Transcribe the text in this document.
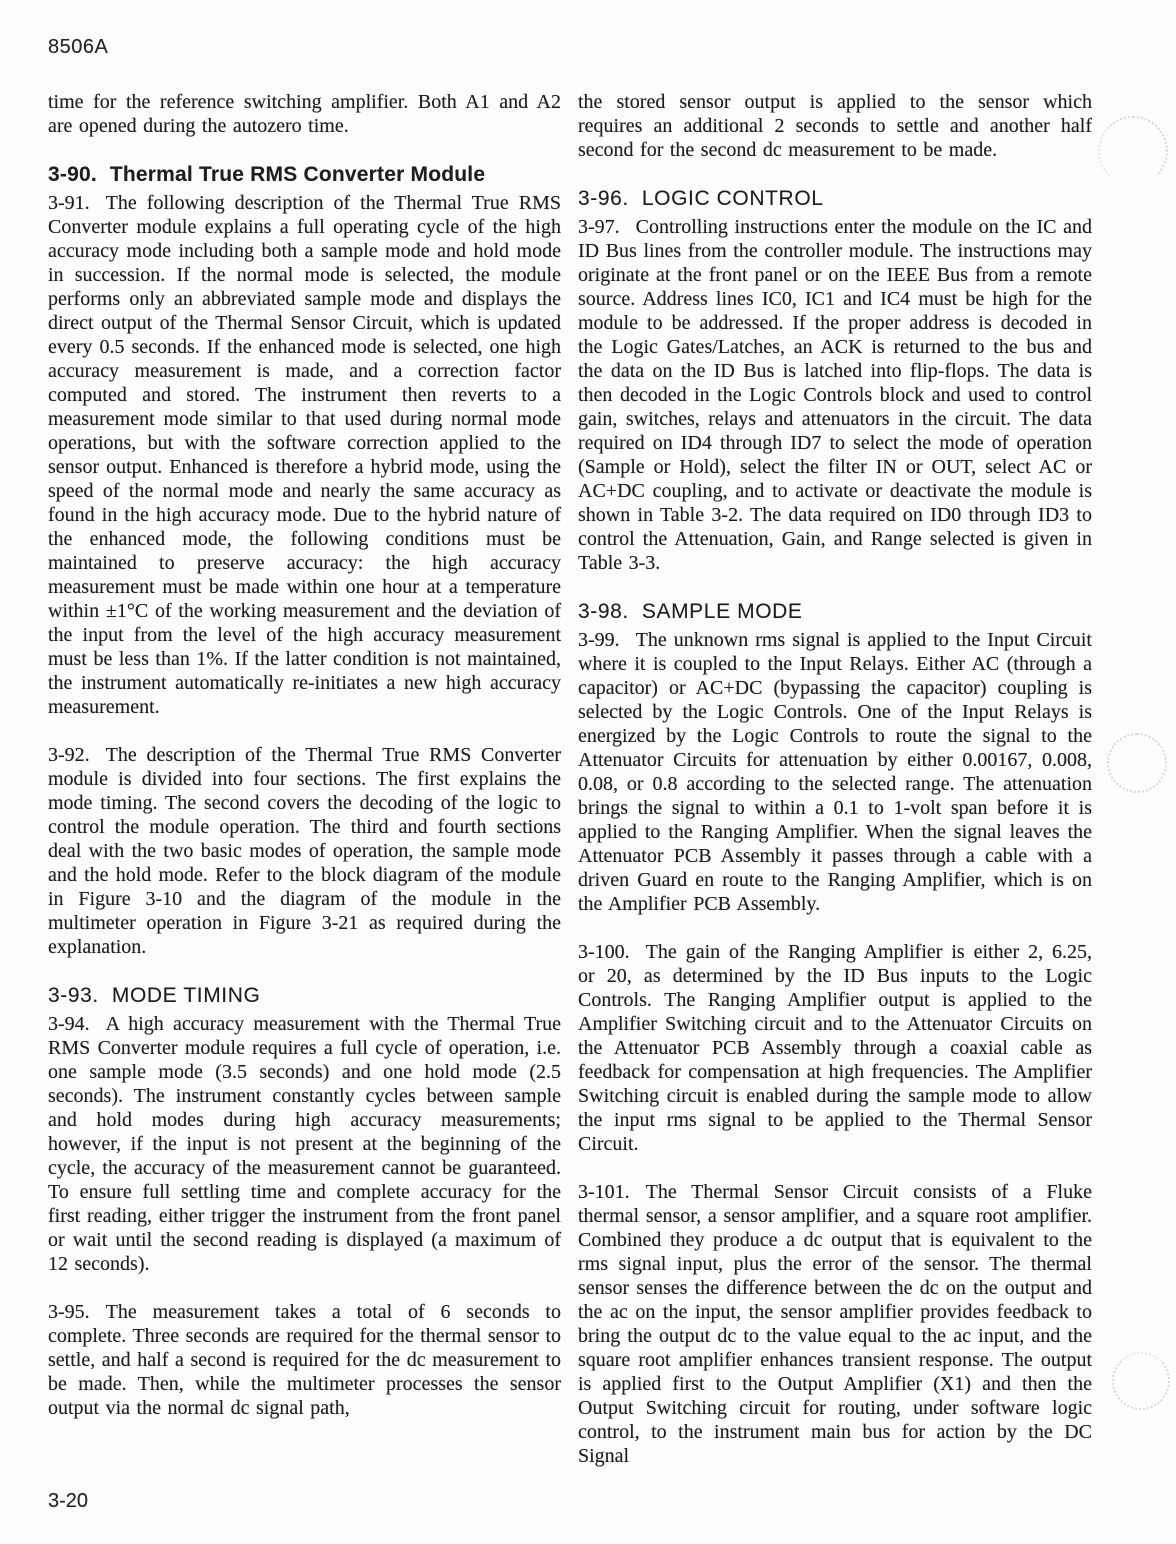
8506A

time for the reference switching amplifier. Both A1 and A2 are opened during the autozero time.

3-90. Thermal True RMS Converter Module

3-91. The following description of the Thermal True RMS Converter module explains a full operating cycle of the high accuracy mode including both a sample mode and hold mode in succession. If the normal mode is selected, the module performs only an abbreviated sample mode and displays the direct output of the Thermal Sensor Circuit, which is updated every 0.5 seconds. If the enhanced mode is selected, one high accuracy measurement is made, and a correction factor computed and stored. The instrument then reverts to a measurement mode similar to that used during normal mode operations, but with the software correction applied to the sensor output. Enhanced is therefore a hybrid mode, using the speed of the normal mode and nearly the same accuracy as found in the high accuracy mode. Due to the hybrid nature of the enhanced mode, the following conditions must be maintained to preserve accuracy: the high accuracy measurement must be made within one hour at a temperature within ±1°C of the working measurement and the deviation of the input from the level of the high accuracy measurement must be less than 1%. If the latter condition is not maintained, the instrument automatically re-initiates a new high accuracy measurement.

3-92. The description of the Thermal True RMS Converter module is divided into four sections. The first explains the mode timing. The second covers the decoding of the logic to control the module operation. The third and fourth sections deal with the two basic modes of operation, the sample mode and the hold mode. Refer to the block diagram of the module in Figure 3-10 and the diagram of the module in the multimeter operation in Figure 3-21 as required during the explanation.

3-93. MODE TIMING

3-94. A high accuracy measurement with the Thermal True RMS Converter module requires a full cycle of operation, i.e. one sample mode (3.5 seconds) and one hold mode (2.5 seconds). The instrument constantly cycles between sample and hold modes during high accuracy measurements; however, if the input is not present at the beginning of the cycle, the accuracy of the measurement cannot be guaranteed. To ensure full settling time and complete accuracy for the first reading, either trigger the instrument from the front panel or wait until the second reading is displayed (a maximum of 12 seconds).

3-95. The measurement takes a total of 6 seconds to complete. Three seconds are required for the thermal sensor to settle, and half a second is required for the dc measurement to be made. Then, while the multimeter processes the sensor output via the normal dc signal path,

the stored sensor output is applied to the sensor which requires an additional 2 seconds to settle and another half second for the second dc measurement to be made.

3-96. LOGIC CONTROL

3-97. Controlling instructions enter the module on the IC and ID Bus lines from the controller module. The instructions may originate at the front panel or on the IEEE Bus from a remote source. Address lines IC0, IC1 and IC4 must be high for the module to be addressed. If the proper address is decoded in the Logic Gates/Latches, an ACK is returned to the bus and the data on the ID Bus is latched into flip-flops. The data is then decoded in the Logic Controls block and used to control gain, switches, relays and attenuators in the circuit. The data required on ID4 through ID7 to select the mode of operation (Sample or Hold), select the filter IN or OUT, select AC or AC+DC coupling, and to activate or deactivate the module is shown in Table 3-2. The data required on ID0 through ID3 to control the Attenuation, Gain, and Range selected is given in Table 3-3.

3-98. SAMPLE MODE

3-99. The unknown rms signal is applied to the Input Circuit where it is coupled to the Input Relays. Either AC (through a capacitor) or AC+DC (bypassing the capacitor) coupling is selected by the Logic Controls. One of the Input Relays is energized by the Logic Controls to route the signal to the Attenuator Circuits for attenuation by either 0.00167, 0.008, 0.08, or 0.8 according to the selected range. The attenuation brings the signal to within a 0.1 to 1-volt span before it is applied to the Ranging Amplifier. When the signal leaves the Attenuator PCB Assembly it passes through a cable with a driven Guard en route to the Ranging Amplifier, which is on the Amplifier PCB Assembly.

3-100. The gain of the Ranging Amplifier is either 2, 6.25, or 20, as determined by the ID Bus inputs to the Logic Controls. The Ranging Amplifier output is applied to the Amplifier Switching circuit and to the Attenuator Circuits on the Attenuator PCB Assembly through a coaxial cable as feedback for compensation at high frequencies. The Amplifier Switching circuit is enabled during the sample mode to allow the input rms signal to be applied to the Thermal Sensor Circuit.

3-101. The Thermal Sensor Circuit consists of a Fluke thermal sensor, a sensor amplifier, and a square root amplifier. Combined they produce a dc output that is equivalent to the rms signal input, plus the error of the sensor. The thermal sensor senses the difference between the dc on the output and the ac on the input, the sensor amplifier provides feedback to bring the output dc to the value equal to the ac input, and the square root amplifier enhances transient response. The output is applied first to the Output Amplifier (X1) and then the Output Switching circuit for routing, under software logic control, to the instrument main bus for action by the DC Signal

3-20
